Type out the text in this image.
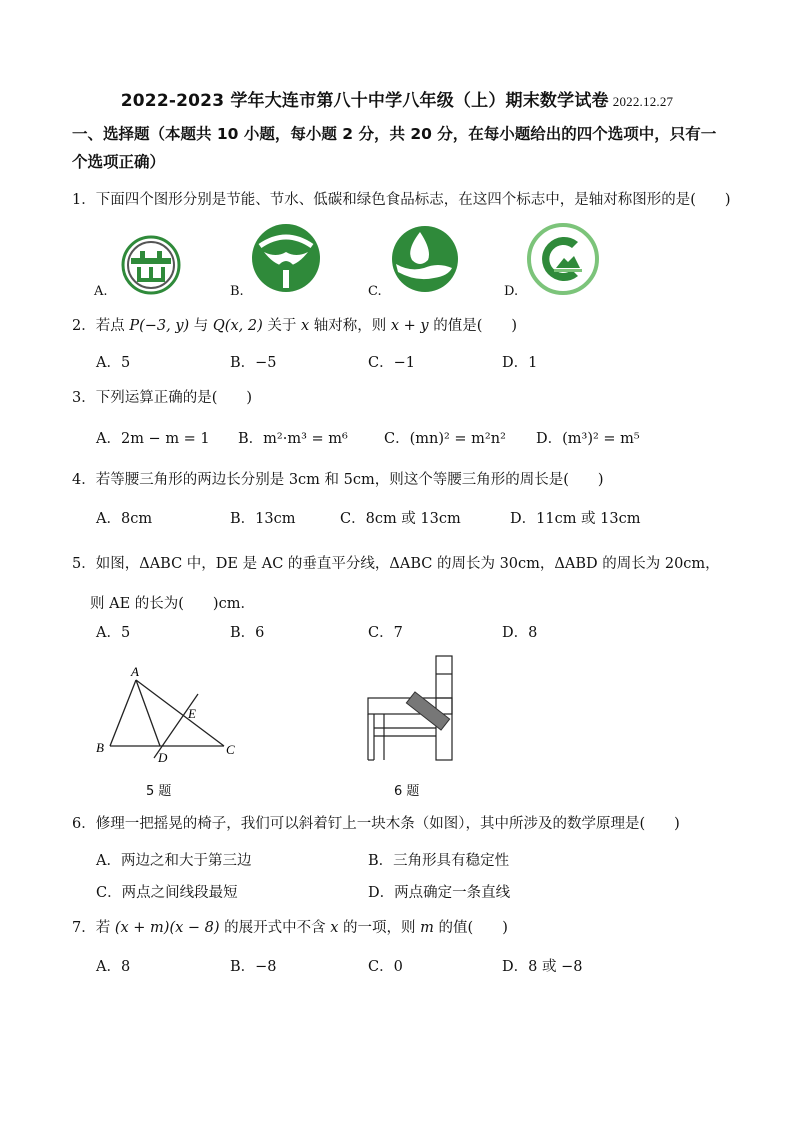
2022-2023 学年大连市第八十中学八年级（上）期末数学试卷 2022.12.27
一、选择题（本题共 10 小题，每小题 2 分，共 20 分，在每小题给出的四个选项中，只有一
个选项正确）
1．下面四个图形分别是节能、节水、低碳和绿色食品标志，在这四个标志中，是轴对称图形的是(　　)
A.	B.	C.	D.
2．若点 P(−3, y) 与 Q(x, 2) 关于 x 轴对称，则 x + y 的值是(　　)
A．5	B．−5	C．−1	D．1
3．下列运算正确的是(　　)
A．2m − m = 1 B．m²·m³ = m⁶ C．(mn)² = m²n² D．(m³)² = m⁵
4．若等腰三角形的两边长分别是 3cm 和 5cm，则这个等腰三角形的周长是(　　)
A．8cm	B．13cm	C．8cm 或 13cm	D．11cm 或 13cm
5．如图，ΔABC 中，DE 是 AC 的垂直平分线，ΔABC 的周长为 30cm，ΔABD 的周长为 20cm，
则 AE 的长为(　　)cm．
A．5	B．6	C．7	D．8
A
B	C
D
E
5 题	6 题
6．修理一把摇晃的椅子，我们可以斜着钉上一块木条（如图），其中所涉及的数学原理是(　　)
A．两边之和大于第三边	B．三角形具有稳定性
C．两点之间线段最短	D．两点确定一条直线
7．若 (x + m)(x − 8) 的展开式中不含 x 的一项，则 m 的值(　　)
A．8	B．−8	C．0	D．8 或 −8
